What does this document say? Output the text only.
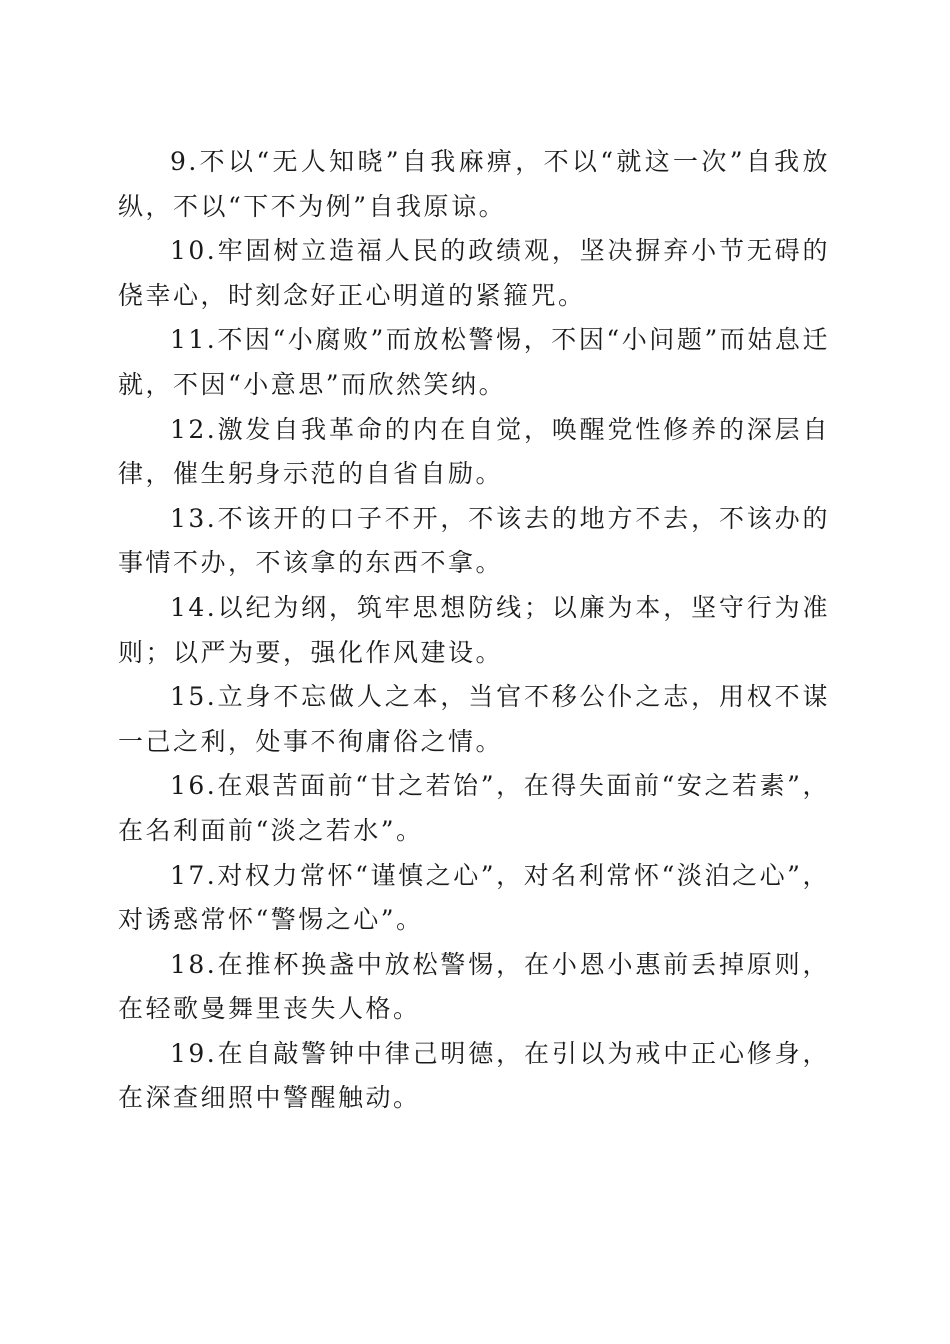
9.不以“无人知晓”自我麻痹，不以“就这一次”自我放纵，不以“下不为例”自我原谅。

10.牢固树立造福人民的政绩观，坚决摒弃小节无碍的侥幸心，时刻念好正心明道的紧箍咒。

11.不因“小腐败”而放松警惕，不因“小问题”而姑息迁就，不因“小意思”而欣然笑纳。

12.激发自我革命的内在自觉，唤醒党性修养的深层自律，催生躬身示范的自省自励。

13.不该开的口子不开，不该去的地方不去，不该办的事情不办，不该拿的东西不拿。

14.以纪为纲，筑牢思想防线；以廉为本，坚守行为准则；以严为要，强化作风建设。

15.立身不忘做人之本，当官不移公仆之志，用权不谋一己之利，处事不徇庸俗之情。

16.在艰苦面前“甘之若饴”，在得失面前“安之若素”，在名利面前“淡之若水”。

17.对权力常怀“谨慎之心”，对名利常怀“淡泊之心”，对诱惑常怀“警惕之心”。

18.在推杯换盏中放松警惕，在小恩小惠前丢掉原则，在轻歌曼舞里丧失人格。

19.在自敲警钟中律己明德，在引以为戒中正心修身，在深查细照中警醒触动。
